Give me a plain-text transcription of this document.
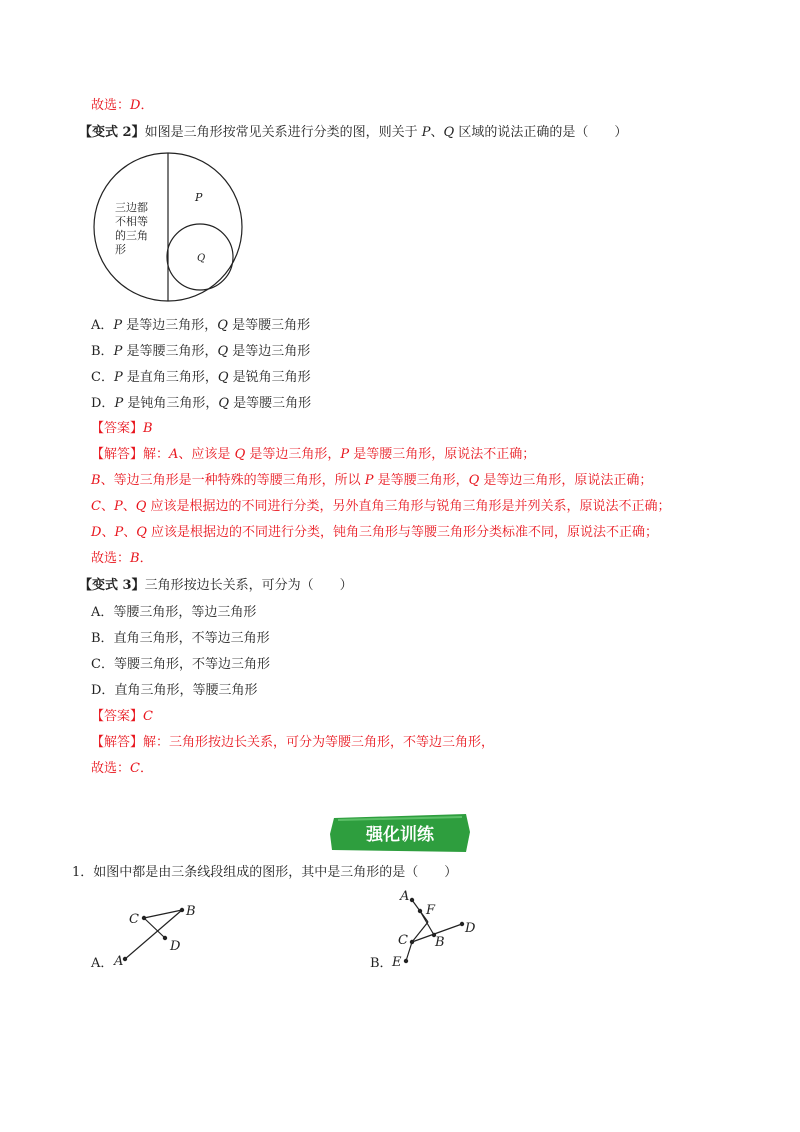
故选：D．
【变式 2】如图是三角形按常见关系进行分类的图，则关于 P、Q 区域的说法正确的是（　　）
三边都
不相等
的三角
形
P
Q
A．P 是等边三角形，Q 是等腰三角形
B．P 是等腰三角形，Q 是等边三角形
C．P 是直角三角形，Q 是锐角三角形
D．P 是钝角三角形，Q 是等腰三角形
【答案】B
【解答】解：A、应该是 Q 是等边三角形，P 是等腰三角形，原说法不正确；
B、等边三角形是一种特殊的等腰三角形，所以 P 是等腰三角形，Q 是等边三角形，原说法正确；
C、P、Q 应该是根据边的不同进行分类，另外直角三角形与锐角三角形是并列关系，原说法不正确；
D、P、Q 应该是根据边的不同进行分类，钝角三角形与等腰三角形分类标准不同，原说法不正确；
故选：B．
【变式 3】三角形按边长关系，可分为（　　）
A．等腰三角形，等边三角形
B．直角三角形，不等边三角形
C．等腰三角形，不等边三角形
D．直角三角形，等腰三角形
【答案】C
【解答】解：三角形按边长关系，可分为等腰三角形，不等边三角形，
故选：C．
强化训练
1．如图中都是由三条线段组成的图形，其中是三角形的是（　　）
A．
C
B
D
A	B．
A
F
C B
D
E
